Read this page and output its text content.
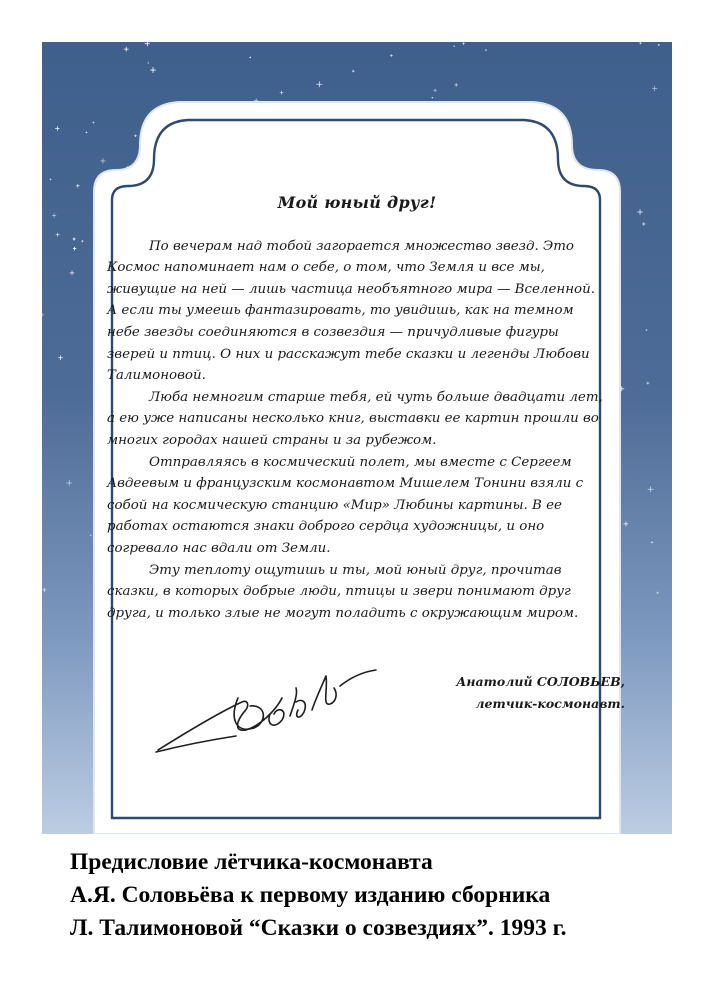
Мой юный друг!

По вечерам над тобой загорается множество звезд. Это Космос напоминает нам о себе, о том, что Земля и все мы, живущие на ней — лишь частица необъятного мира — Вселенной. А если ты умеешь фантазировать, то увидишь, как на темном небе звезды соединяются в созвездия — причудливые фигуры зверей и птиц. О них и расскажут тебе сказки и легенды Любови Талимоновой.

Люба немногим старше тебя, ей чуть больше двадцати лет, а ею уже написаны несколько книг, выставки ее картин прошли во многих городах нашей страны и за рубежом.

Отправляясь в космический полет, мы вместе с Сергеем Авдеевым и французским космонавтом Мишелем Тонини взяли с собой на космическую станцию «Мир» Любины картины. В ее работах остаются знаки доброго сердца художницы, и оно согревало нас вдали от Земли.

Эту теплоту ощутишь и ты, мой юный друг, прочитав сказки, в которых добрые люди, птицы и звери понимают друг друга, и только злые не могут поладить с окружающим миром.

Анатолий СОЛОВЬЕВ,
летчик-космонавт.
Предисловие лётчика-космонавта
А.Я. Соловьёва к первому изданию сборника
Л. Талимоновой “Сказки о созвездиях”. 1993 г.
